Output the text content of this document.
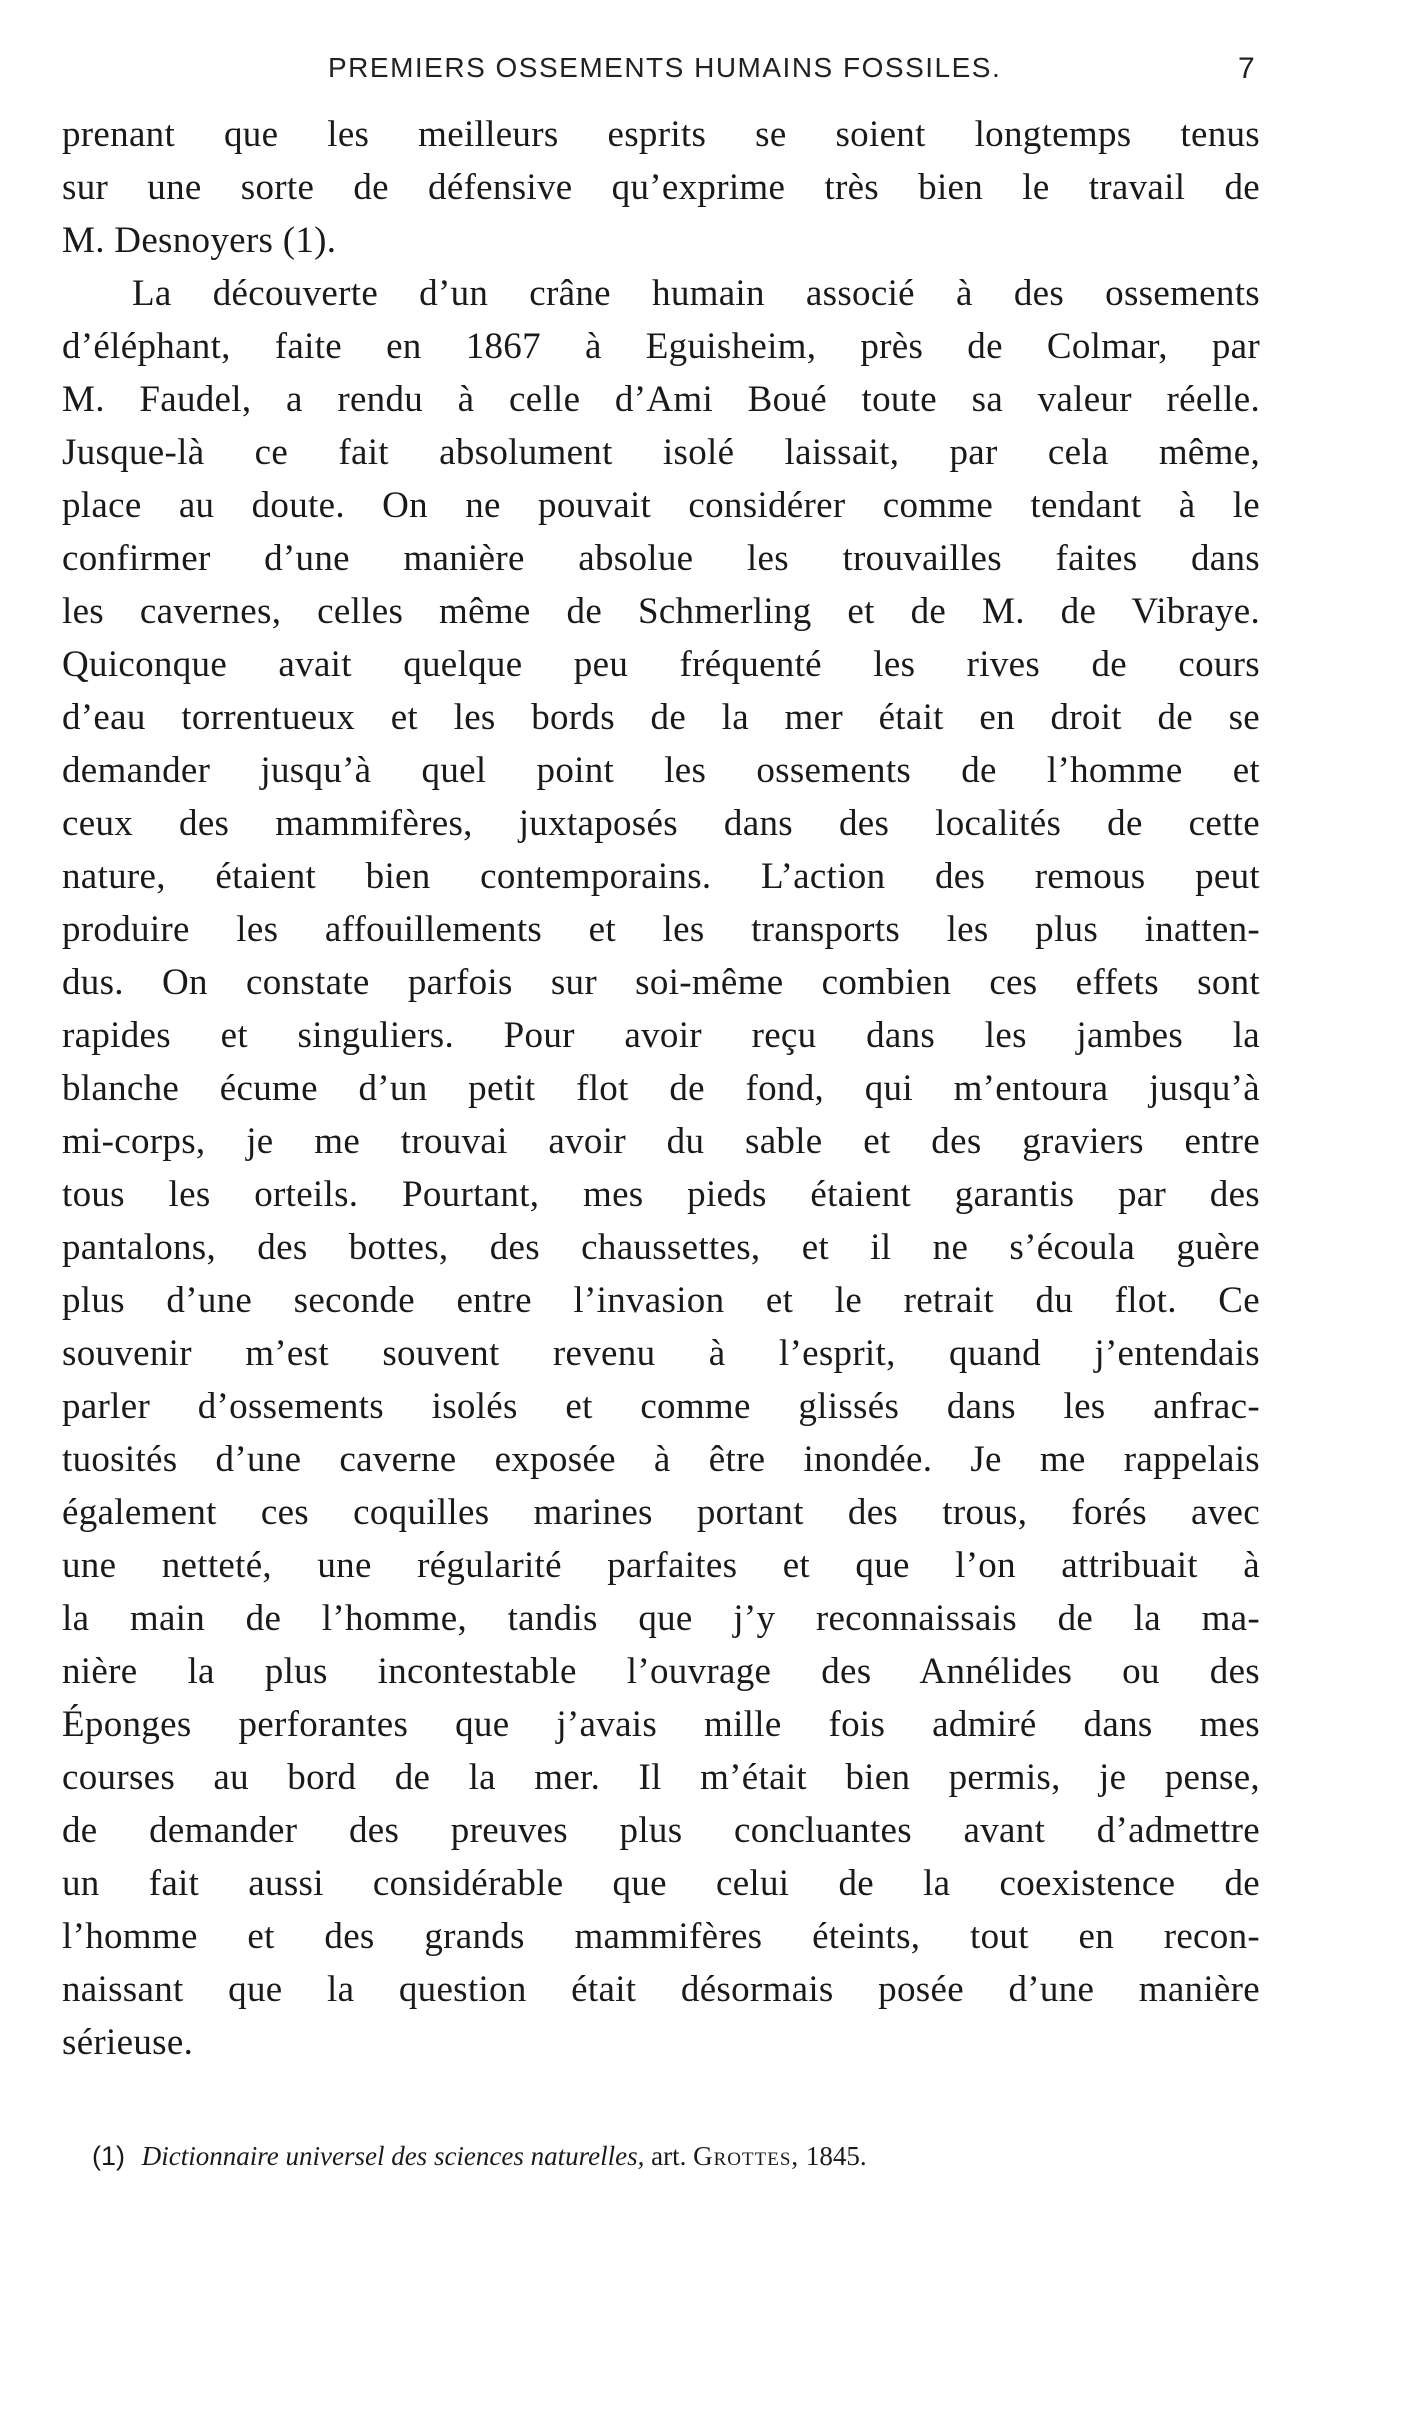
PREMIERS OSSEMENTS HUMAINS FOSSILES.	7
prenant que les meilleurs esprits se soient longtemps tenus
sur une sorte de défensive qu’exprime très bien le travail de
M. Desnoyers (1).
La découverte d’un crâne humain associé à des ossements
d’éléphant, faite en 1867 à Eguisheim, près de Colmar, par
M. Faudel, a rendu à celle d’Ami Boué toute sa valeur réelle.
Jusque-là ce fait absolument isolé laissait, par cela même,
place au doute. On ne pouvait considérer comme tendant à le
confirmer d’une manière absolue les trouvailles faites dans
les cavernes, celles même de Schmerling et de M. de Vibraye.
Quiconque avait quelque peu fréquenté les rives de cours
d’eau torrentueux et les bords de la mer était en droit de se
demander jusqu’à quel point les ossements de l’homme et
ceux des mammifères, juxtaposés dans des localités de cette
nature, étaient bien contemporains. L’action des remous peut
produire les affouillements et les transports les plus inatten-
dus. On constate parfois sur soi-même combien ces effets sont
rapides et singuliers. Pour avoir reçu dans les jambes la
blanche écume d’un petit flot de fond, qui m’entoura jusqu’à
mi-corps, je me trouvai avoir du sable et des graviers entre
tous les orteils. Pourtant, mes pieds étaient garantis par des
pantalons, des bottes, des chaussettes, et il ne s’écoula guère
plus d’une seconde entre l’invasion et le retrait du flot. Ce
souvenir m’est souvent revenu à l’esprit, quand j’entendais
parler d’ossements isolés et comme glissés dans les anfrac-
tuosités d’une caverne exposée à être inondée. Je me rappelais
également ces coquilles marines portant des trous, forés avec
une netteté, une régularité parfaites et que l’on attribuait à
la main de l’homme, tandis que j’y reconnaissais de la ma-
nière la plus incontestable l’ouvrage des Annélides ou des
Éponges perforantes que j’avais mille fois admiré dans mes
courses au bord de la mer. Il m’était bien permis, je pense,
de demander des preuves plus concluantes avant d’admettre
un fait aussi considérable que celui de la coexistence de
l’homme et des grands mammifères éteints, tout en recon-
naissant que la question était désormais posée d’une manière
sérieuse.
(1) Dictionnaire universel des sciences naturelles, art. Grottes, 1845.
